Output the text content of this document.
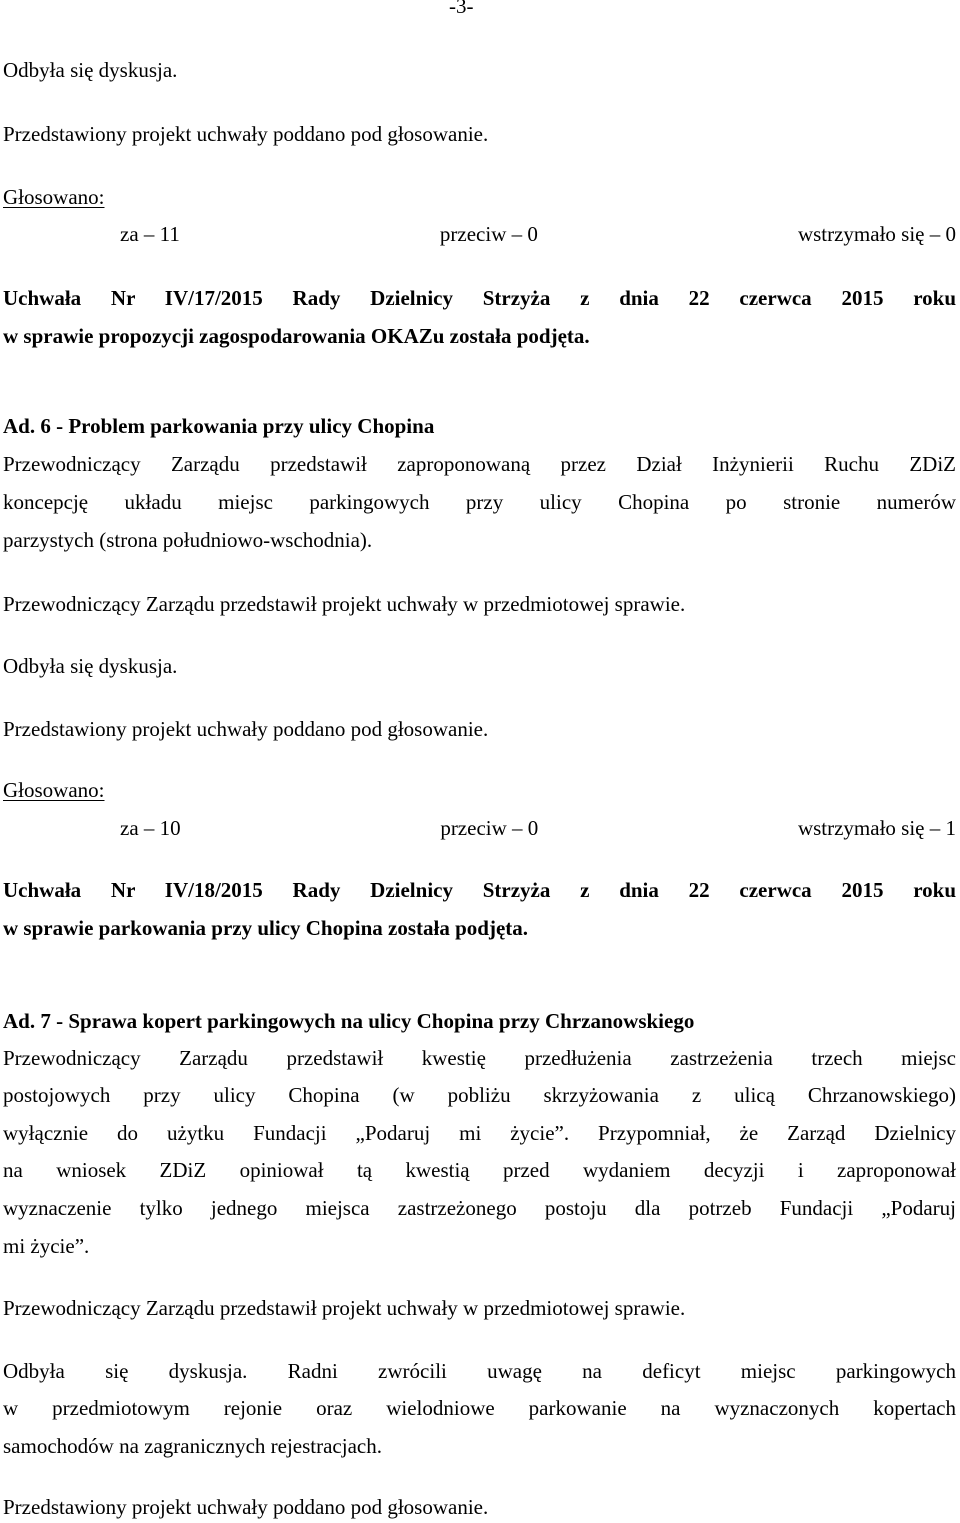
-3-
Odbyła się dyskusja.
Przedstawiony projekt uchwały poddano pod głosowanie.
Głosowano:
za – 11	przeciw – 0	wstrzymało się – 0
Uchwała Nr IV/17/2015 Rady Dzielnicy Strzyża z dnia 22 czerwca 2015 roku
w sprawie propozycji zagospodarowania OKAZu została podjęta.
Ad. 6 - Problem parkowania przy ulicy Chopina
Przewodniczący Zarządu przedstawił zaproponowaną przez Dział Inżynierii Ruchu ZDiZ
koncepcję układu miejsc parkingowych przy ulicy Chopina po stronie numerów
parzystych (strona południowo-wschodnia).
Przewodniczący Zarządu przedstawił projekt uchwały w przedmiotowej sprawie.
Odbyła się dyskusja.
Przedstawiony projekt uchwały poddano pod głosowanie.
Głosowano:
za – 10	przeciw – 0	wstrzymało się – 1
Uchwała Nr IV/18/2015 Rady Dzielnicy Strzyża z dnia 22 czerwca 2015 roku
w sprawie parkowania przy ulicy Chopina została podjęta.
Ad. 7 - Sprawa kopert parkingowych na ulicy Chopina przy Chrzanowskiego
Przewodniczący Zarządu przedstawił kwestię przedłużenia zastrzeżenia trzech miejsc
postojowych przy ulicy Chopina (w pobliżu skrzyżowania z ulicą Chrzanowskiego)
wyłącznie do użytku Fundacji „Podaruj mi życie”. Przypomniał, że Zarząd Dzielnicy
na wniosek ZDiZ opiniował tą kwestią przed wydaniem decyzji i zaproponował
wyznaczenie tylko jednego miejsca zastrzeżonego postoju dla potrzeb Fundacji „Podaruj
mi życie”.
Przewodniczący Zarządu przedstawił projekt uchwały w przedmiotowej sprawie.
Odbyła się dyskusja. Radni zwrócili uwagę na deficyt miejsc parkingowych
w przedmiotowym rejonie oraz wielodniowe parkowanie na wyznaczonych kopertach
samochodów na zagranicznych rejestracjach.
Przedstawiony projekt uchwały poddano pod głosowanie.
